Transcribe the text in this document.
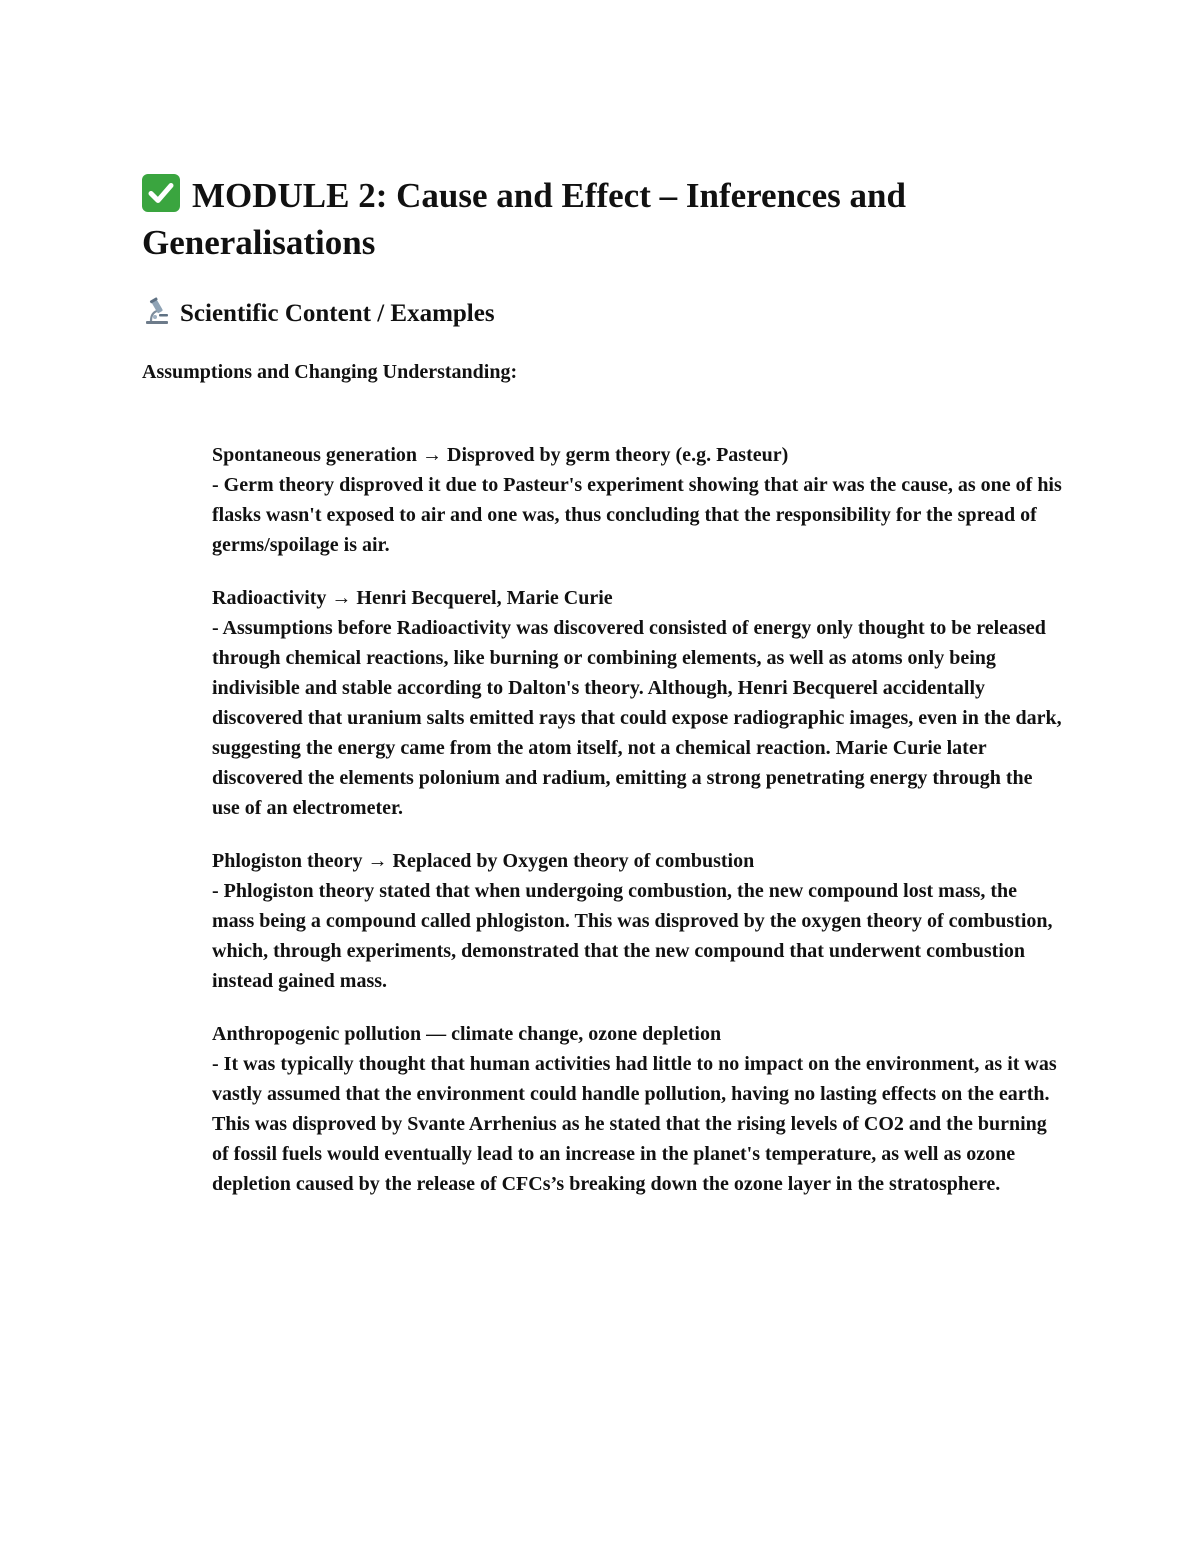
MODULE 2: Cause and Effect – Inferences and Generalisations
Scientific Content / Examples

Assumptions and Changing Understanding:

Spontaneous generation → Disproved by germ theory (e.g. Pasteur)
- Germ theory disproved it due to Pasteur's experiment showing that air was the cause, as one of his flasks wasn't exposed to air and one was, thus concluding that the responsibility for the spread of germs/spoilage is air.

Radioactivity → Henri Becquerel, Marie Curie
- Assumptions before Radioactivity was discovered consisted of energy only thought to be released through chemical reactions, like burning or combining elements, as well as atoms only being indivisible and stable according to Dalton's theory. Although, Henri Becquerel accidentally discovered that uranium salts emitted rays that could expose radiographic images, even in the dark, suggesting the energy came from the atom itself, not a chemical reaction. Marie Curie later discovered the elements polonium and radium, emitting a strong penetrating energy through the use of an electrometer.

Phlogiston theory → Replaced by Oxygen theory of combustion
- Phlogiston theory stated that when undergoing combustion, the new compound lost mass, the mass being a compound called phlogiston. This was disproved by the oxygen theory of combustion, which, through experiments, demonstrated that the new compound that underwent combustion instead gained mass.

Anthropogenic pollution — climate change, ozone depletion
- It was typically thought that human activities had little to no impact on the environment, as it was vastly assumed that the environment could handle pollution, having no lasting effects on the earth. This was disproved by Svante Arrhenius as he stated that the rising levels of CO2 and the burning of fossil fuels would eventually lead to an increase in the planet's temperature, as well as ozone depletion caused by the release of CFCs’s breaking down the ozone layer in the stratosphere.
